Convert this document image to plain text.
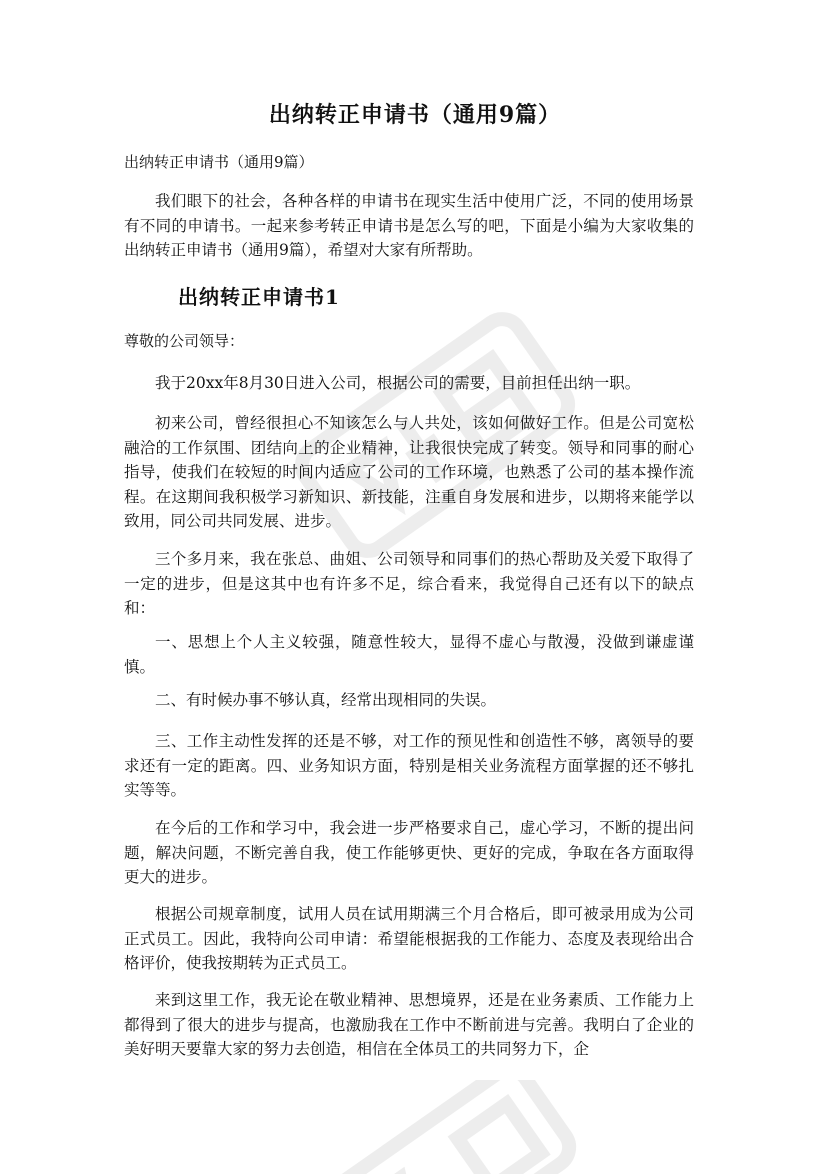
出纳转正申请书（通用9篇）
出纳转正申请书（通用9篇）

我们眼下的社会，各种各样的申请书在现实生活中使用广泛，不同的使用场景有不同的申请书。一起来参考转正申请书是怎么写的吧，下面是小编为大家收集的出纳转正申请书（通用9篇），希望对大家有所帮助。

出纳转正申请书1
尊敬的公司领导：

我于20xx年8月30日进入公司，根据公司的需要，目前担任出纳一职。

初来公司，曾经很担心不知该怎么与人共处，该如何做好工作。但是公司宽松融洽的工作氛围、团结向上的企业精神，让我很快完成了转变。领导和同事的耐心指导，使我们在较短的时间内适应了公司的工作环境，也熟悉了公司的基本操作流程。在这期间我积极学习新知识、新技能，注重自身发展和进步，以期将来能学以致用，同公司共同发展、进步。

三个多月来，我在张总、曲姐、公司领导和同事们的热心帮助及关爱下取得了一定的进步，但是这其中也有许多不足，综合看来，我觉得自己还有以下的缺点和：

一、思想上个人主义较强，随意性较大，显得不虚心与散漫，没做到谦虚谨慎。

二、有时候办事不够认真，经常出现相同的失误。

三、工作主动性发挥的还是不够，对工作的预见性和创造性不够，离领导的要求还有一定的距离。四、业务知识方面，特别是相关业务流程方面掌握的还不够扎实等等。

在今后的工作和学习中，我会进一步严格要求自己，虚心学习，不断的提出问题，解决问题，不断完善自我，使工作能够更快、更好的完成，争取在各方面取得更大的进步。

根据公司规章制度，试用人员在试用期满三个月合格后，即可被录用成为公司正式员工。因此，我特向公司申请：希望能根据我的工作能力、态度及表现给出合格评价，使我按期转为正式员工。

来到这里工作，我无论在敬业精神、思想境界，还是在业务素质、工作能力上都得到了很大的进步与提高，也激励我在工作中不断前进与完善。我明白了企业的美好明天要靠大家的努力去创造，相信在全体员工的共同努力下，企
